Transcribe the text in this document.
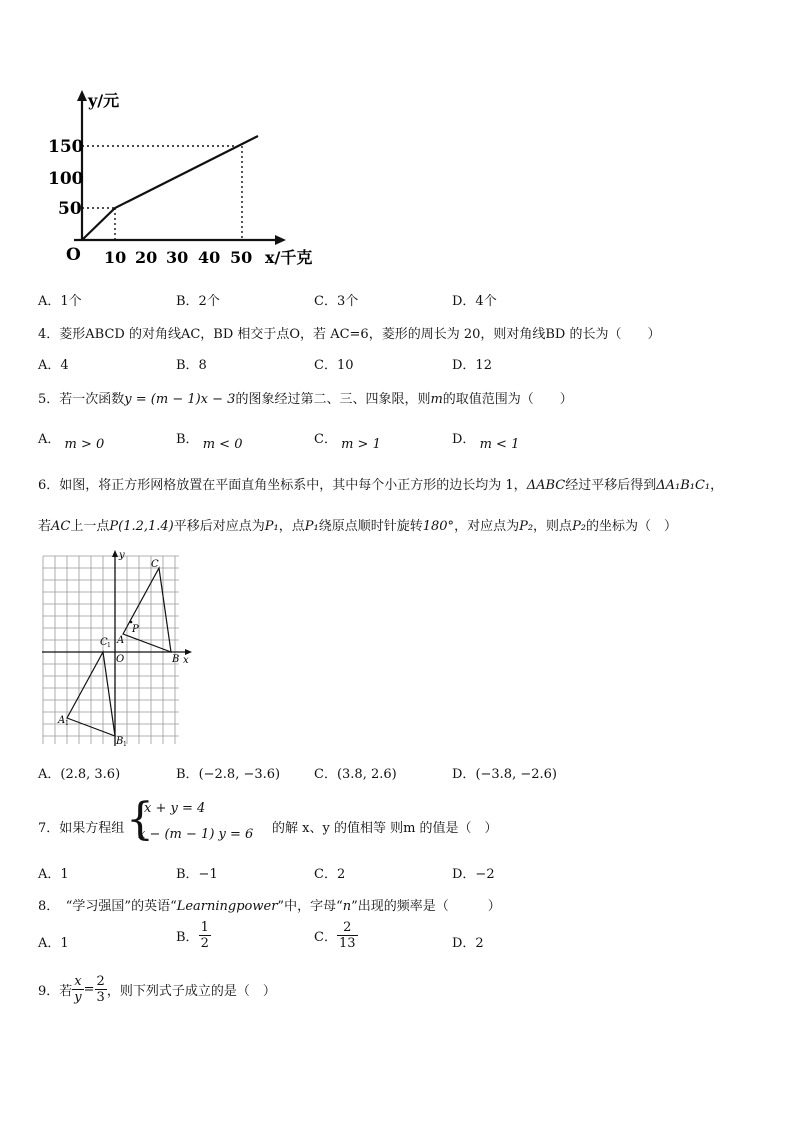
y/元
x/千克
O
150
100
50
10 20 30 40 50
A．1个	B．2个	C．3个	D．4个
4．菱形ABCD 的对角线AC，BD 相交于点O，若 AC=6，菱形的周长为 20，则对角线BD 的长为（　　）
A．4	B．8	C．10	D．12
5．若一次函数y = (m − 1)x − 3的图象经过第二、三、四象限，则m的取值范围为（　　）
A． m > 0	B． m < 0	C． m > 1	D． m < 1
6．如图，将正方形网格放置在平面直角坐标系中，其中每个小正方形的边长均为 1，ΔABC经过平移后得到ΔA₁B₁C₁，
若AC上一点P(1.2,1.4)平移后对应点为P₁，点P₁绕原点顺时针旋转180°，对应点为P₂，则点P₂的坐标为（　）
y
x
O
A
B
C
P
C 1
A 1
B 1
A．(2.8, 3.6)	B．(−2.8, −3.6)	C．(3.8, 2.6)	D．(−3.8, −2.6)
7．如果方程组 {
x + y = 4
x − (m − 1) y = 6 的解 x、y 的值相等 则m 的值是（　）
A．1	B．−1	C．2	D．−2
8．　“学习强国”的英语“Learningpower”中，字母“n”出现的频率是（　　　）
A．1	B． $\frac{1}{2}$	C． $\frac{2}{13}$	D．2
9．若 $\frac{x}{y} = \frac{2}{3}$ ，则下列式子成立的是（　）
